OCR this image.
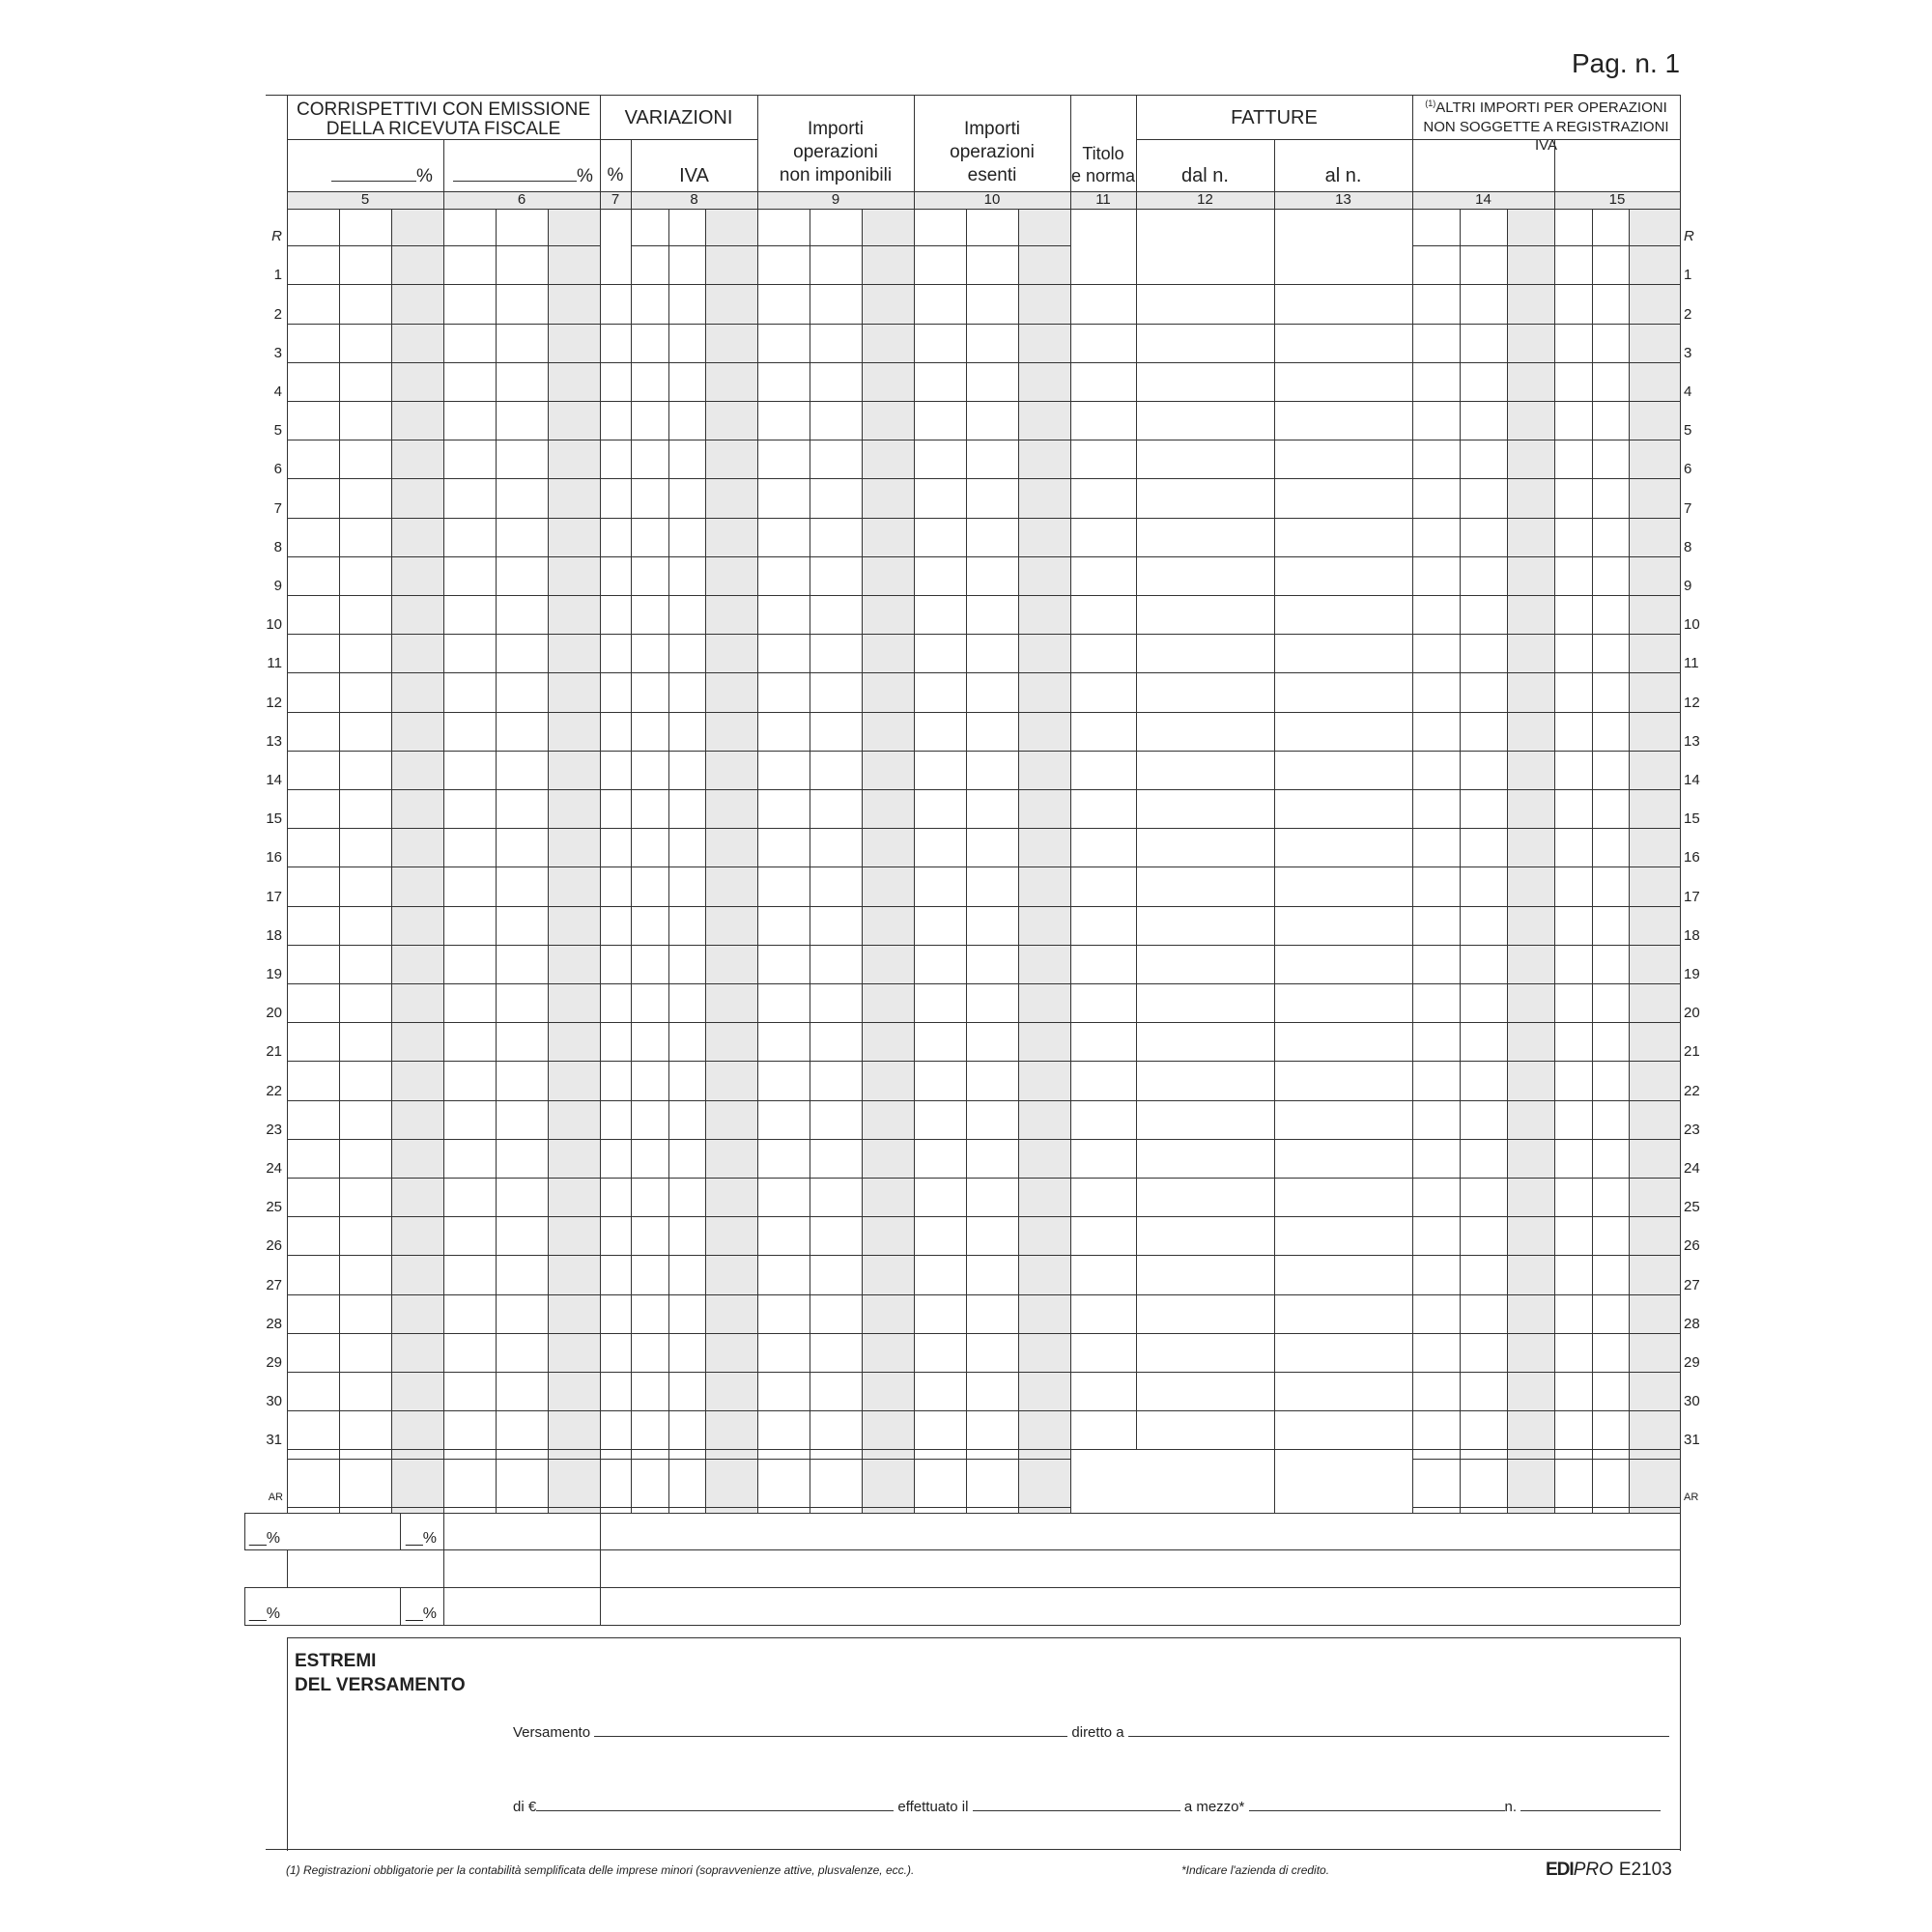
Pag. n. 1
CORRISPETTIVI CON EMISSIONE
DELLA RICEVUTA FISCALE
%	%
VARIAZIONI
%	IVA
Importi
operazioni
non imponibili
Importi
operazioni
esenti
Titolo
e norma
FATTURE
dal n.	al n.
$^{(1)}$ALTRI IMPORTI PER OPERAZIONI
NON SOGGETTE A REGISTRAZIONI IVA
5	6	7	8	9	10	11	12	13	14	15
R	R
1	1
2	2
3	3
4	4
5	5
6	6
7	7
8	8
9	9
10	10
11	11
12	12
13	13
14	14
15	15
16	16
17	17
18	18
19	19
20	20
21	21
22	22
23	23
24	24
25	25
26	26
27	27
28	28
29	29
30	30
31	31
AR	AR
__%	__%
__%	__%
ESTREMI
DEL VERSAMENTO
Versamento	diretto a
di €	effettuato il	a mezzo*	n.
(1) Registrazioni obbligatorie per la contabilità semplificata delle imprese minori (sopravvenienze attive, plusvalenze, ecc.).	*Indicare l'azienda di credito.	EDIPRO E2103
